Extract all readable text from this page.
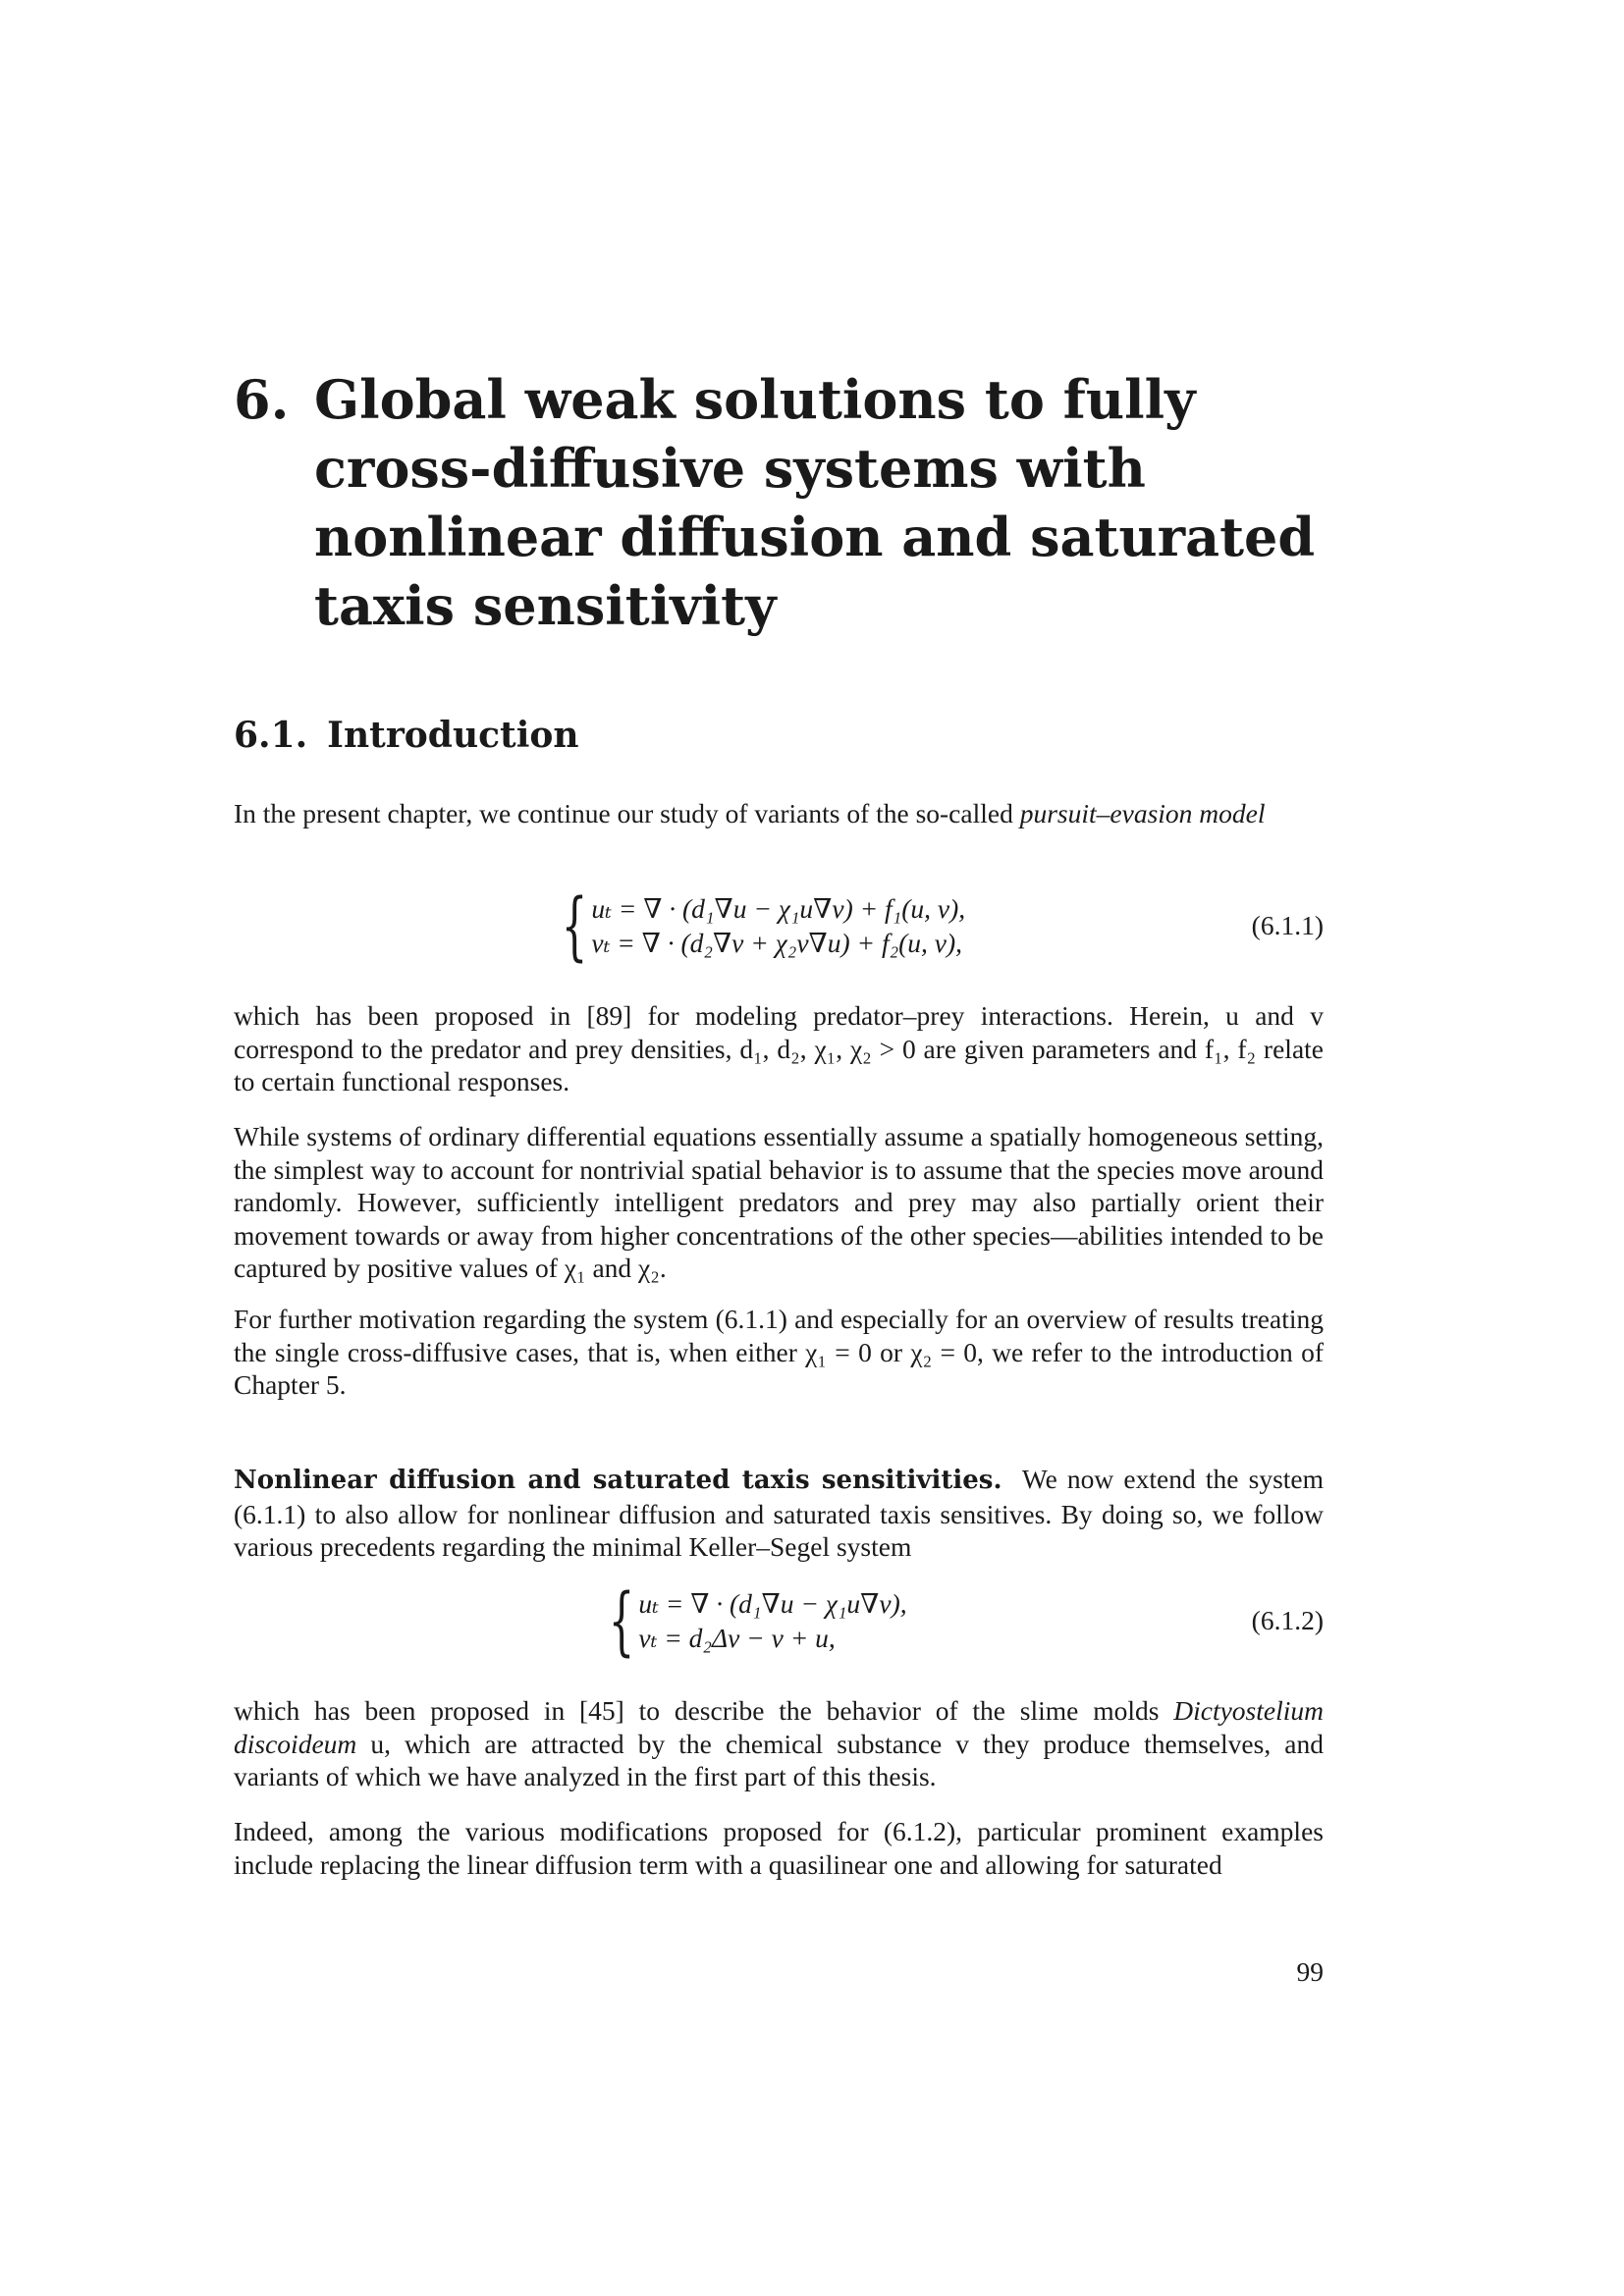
6. Global weak solutions to fully
cross-diffusive systems with
nonlinear diffusion and saturated
taxis sensitivity
6.1. Introduction

In the present chapter, we continue our study of variants of the so-called pursuit–evasion model

{ uₜ = ∇ · (d₁∇u − χ₁u∇v) + f₁(u, v),
vₜ = ∇ · (d₂∇v + χ₂v∇u) + f₂(u, v),
(6.1.1)

which has been proposed in [89] for modeling predator–prey interactions. Herein, u and v correspond to the predator and prey densities, d₁, d₂, χ₁, χ₂ > 0 are given parameters and f₁, f₂ relate to certain functional responses.

While systems of ordinary differential equations essentially assume a spatially homogeneous setting, the simplest way to account for nontrivial spatial behavior is to assume that the species move around randomly. However, sufficiently intelligent predators and prey may also partially orient their movement towards or away from higher concentrations of the other species—abilities intended to be captured by positive values of χ₁ and χ₂.

For further motivation regarding the system (6.1.1) and especially for an overview of results treating the single cross-diffusive cases, that is, when either χ₁ = 0 or χ₂ = 0, we refer to the introduction of Chapter 5.

Nonlinear diffusion and saturated taxis sensitivities. We now extend the system (6.1.1) to also allow for nonlinear diffusion and saturated taxis sensitives. By doing so, we follow various precedents regarding the minimal Keller–Segel system

{ uₜ = ∇ · (d₁∇u − χ₁u∇v),
vₜ = d₂Δv − v + u,
(6.1.2)

which has been proposed in [45] to describe the behavior of the slime molds Dictyostelium discoideum u, which are attracted by the chemical substance v they produce themselves, and variants of which we have analyzed in the first part of this thesis.

Indeed, among the various modifications proposed for (6.1.2), particular prominent examples include replacing the linear diffusion term with a quasilinear one and allowing for saturated

99
